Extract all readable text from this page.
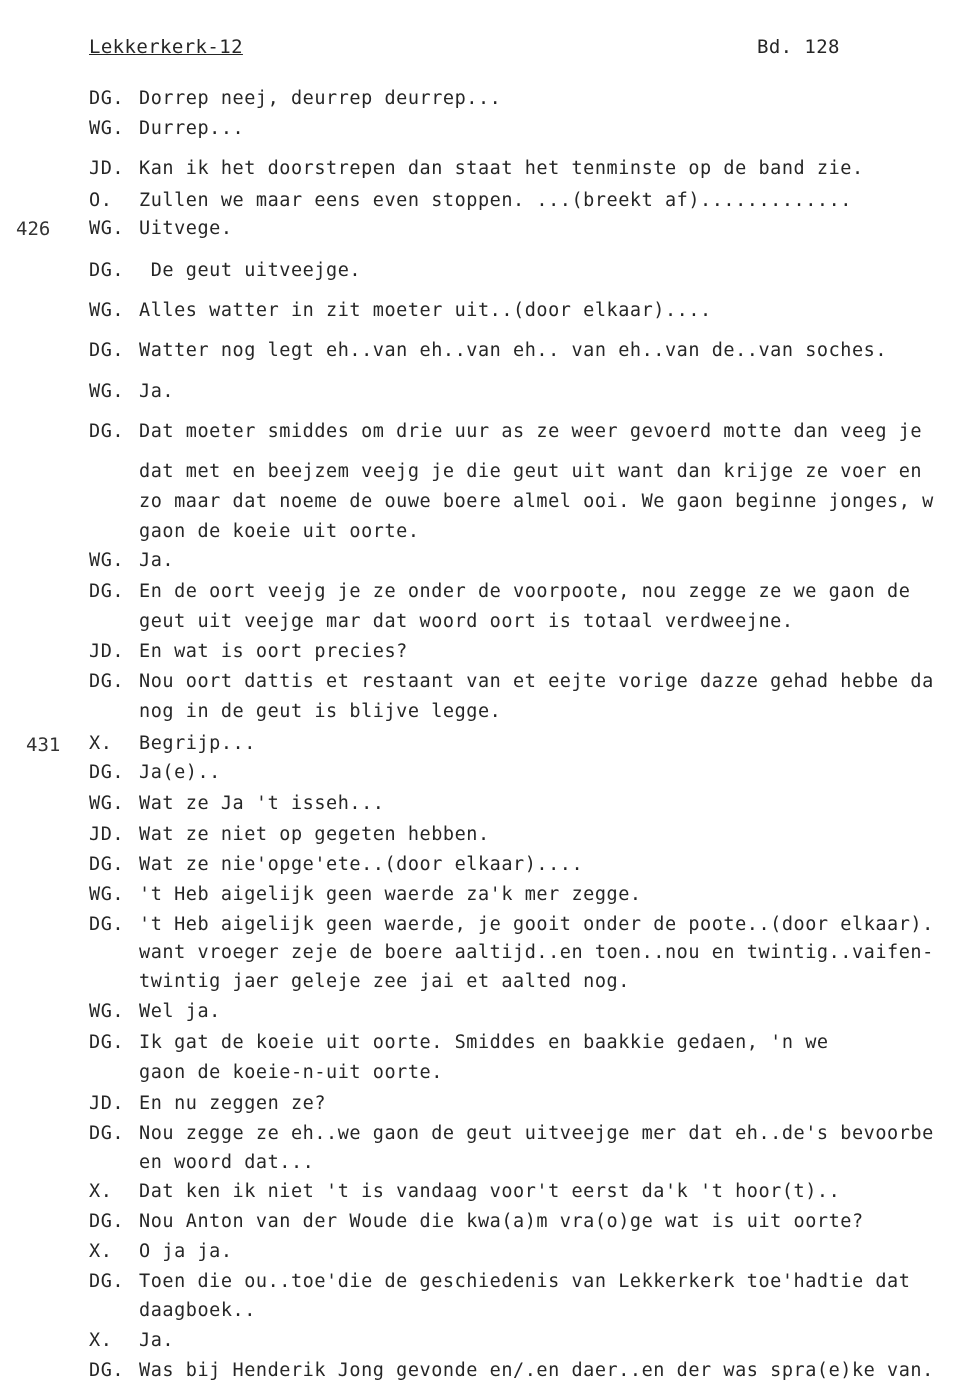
Lekkerkerk-12	Bd. 128
426
431
DG. Dorrep neej, deurrep deurrep...
WG. Durrep...
JD. Kan ik het doorstrepen dan staat het tenminste op de band zie.
O. Zullen we maar eens even stoppen. ...(breekt af).............
WG. Uitvege.
DG. De geut uitveejge.
WG. Alles watter in zit moeter uit..(door elkaar)....
DG. Watter nog legt eh..van eh..van eh.. van eh..van de..van soches.
WG. Ja.
DG. Dat moeter smiddes om drie uur as ze weer gevoerd motte dan veeg je
dat met en beejzem veejg je die geut uit want dan krijge ze voer en
zo maar dat noeme de ouwe boere almel ooi. We gaon beginne jonges, w
gaon de koeie uit oorte.
WG. Ja.
DG. En de oort veejg je ze onder de voorpoote, nou zegge ze we gaon de
geut uit veejge mar dat woord oort is totaal verdweejne.
JD. En wat is oort precies?
DG. Nou oort dattis et restaant van et eejte vorige dazze gehad hebbe da
nog in de geut is blijve legge.
X. Begrijp...
DG. Ja(e)..
WG. Wat ze Ja 't isseh...
JD. Wat ze niet op gegeten hebben.
DG. Wat ze nie'opge'ete..(door elkaar)....
WG. 't Heb aigelijk geen waerde za'k mer zegge.
DG. 't Heb aigelijk geen waerde, je gooit onder de poote..(door elkaar).
want vroeger zeje de boere aaltijd..en toen..nou en twintig..vaifen-
twintig jaer geleje zee jai et aalted nog.
WG. Wel ja.
DG. Ik gat de koeie uit oorte. Smiddes en baakkie gedaen, 'n we
gaon de koeie-n-uit oorte.
JD. En nu zeggen ze?
DG. Nou zegge ze eh..we gaon de geut uitveejge mer dat eh..de's bevoorbe
en woord dat...
X. Dat ken ik niet 't is vandaag voor't eerst da'k 't hoor(t)..
DG. Nou Anton van der Woude die kwa(a)m vra(o)ge wat is uit oorte?
X. O ja ja.
DG. Toen die ou..toe'die de geschiedenis van Lekkerkerk toe'hadtie dat
daagboek..
X. Ja.
DG. Was bij Henderik Jong gevonde en/.en daer..en der was spra(e)ke van.
